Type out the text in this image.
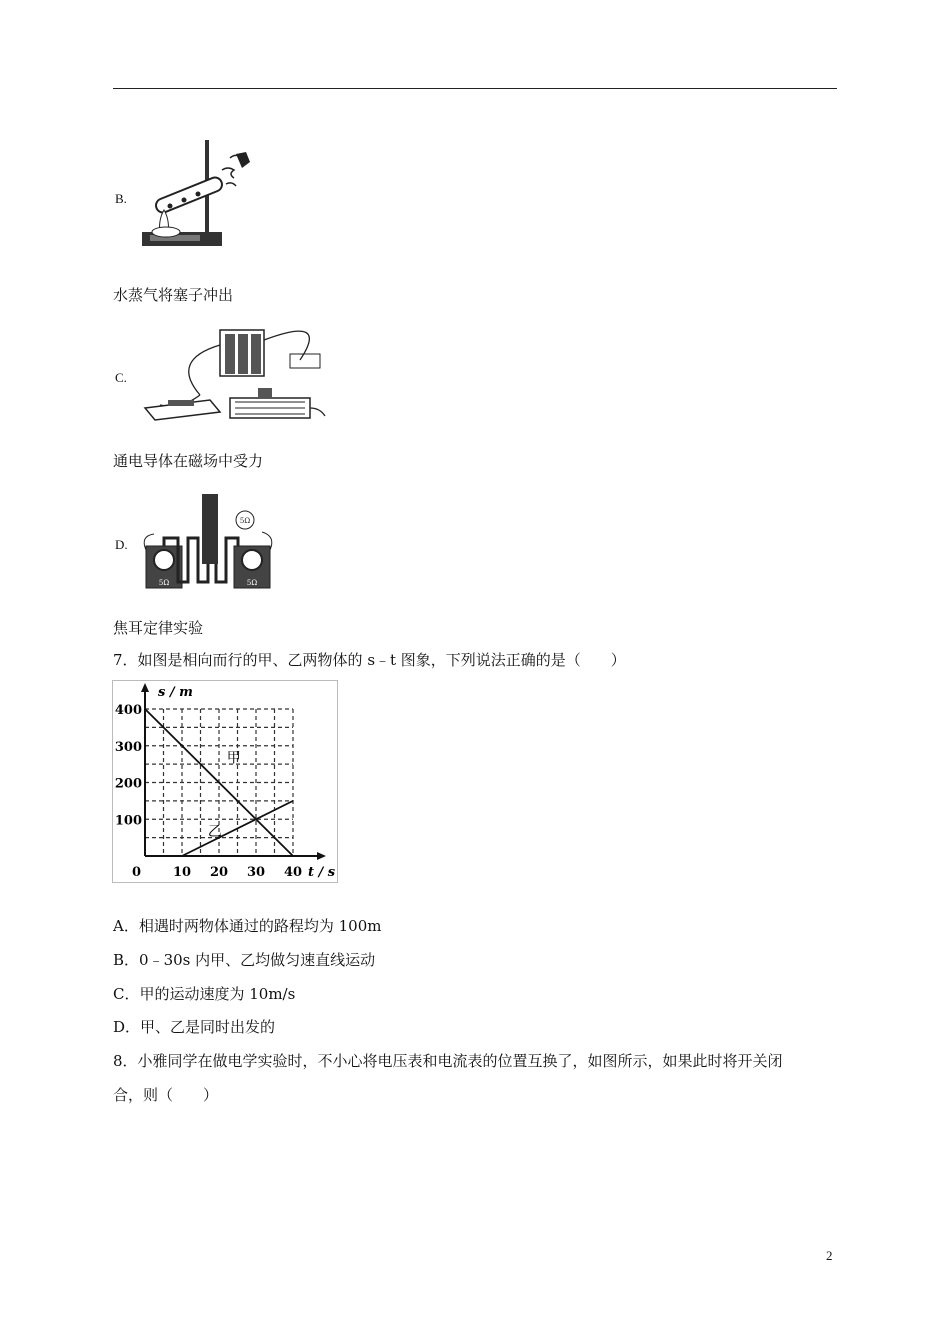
B.
水蒸气将塞子冲出
C.
通电导体在磁场中受力
D.
5Ω	5Ω
5Ω
焦耳定律实验
7．如图是相向而行的甲、乙两物体的 s﹣t 图象，下列说法正确的是（　　）
甲
乙
10 20 30 40
100
200
300
400
s / m
t / s
0
A．相遇时两物体通过的路程均为 100m
B．0﹣30s 内甲、乙均做匀速直线运动
C．甲的运动速度为 10m/s
D．甲、乙是同时出发的
8．小雅同学在做电学实验时，不小心将电压表和电流表的位置互换了，如图所示，如果此时将开关闭
合，则（　　）
2
